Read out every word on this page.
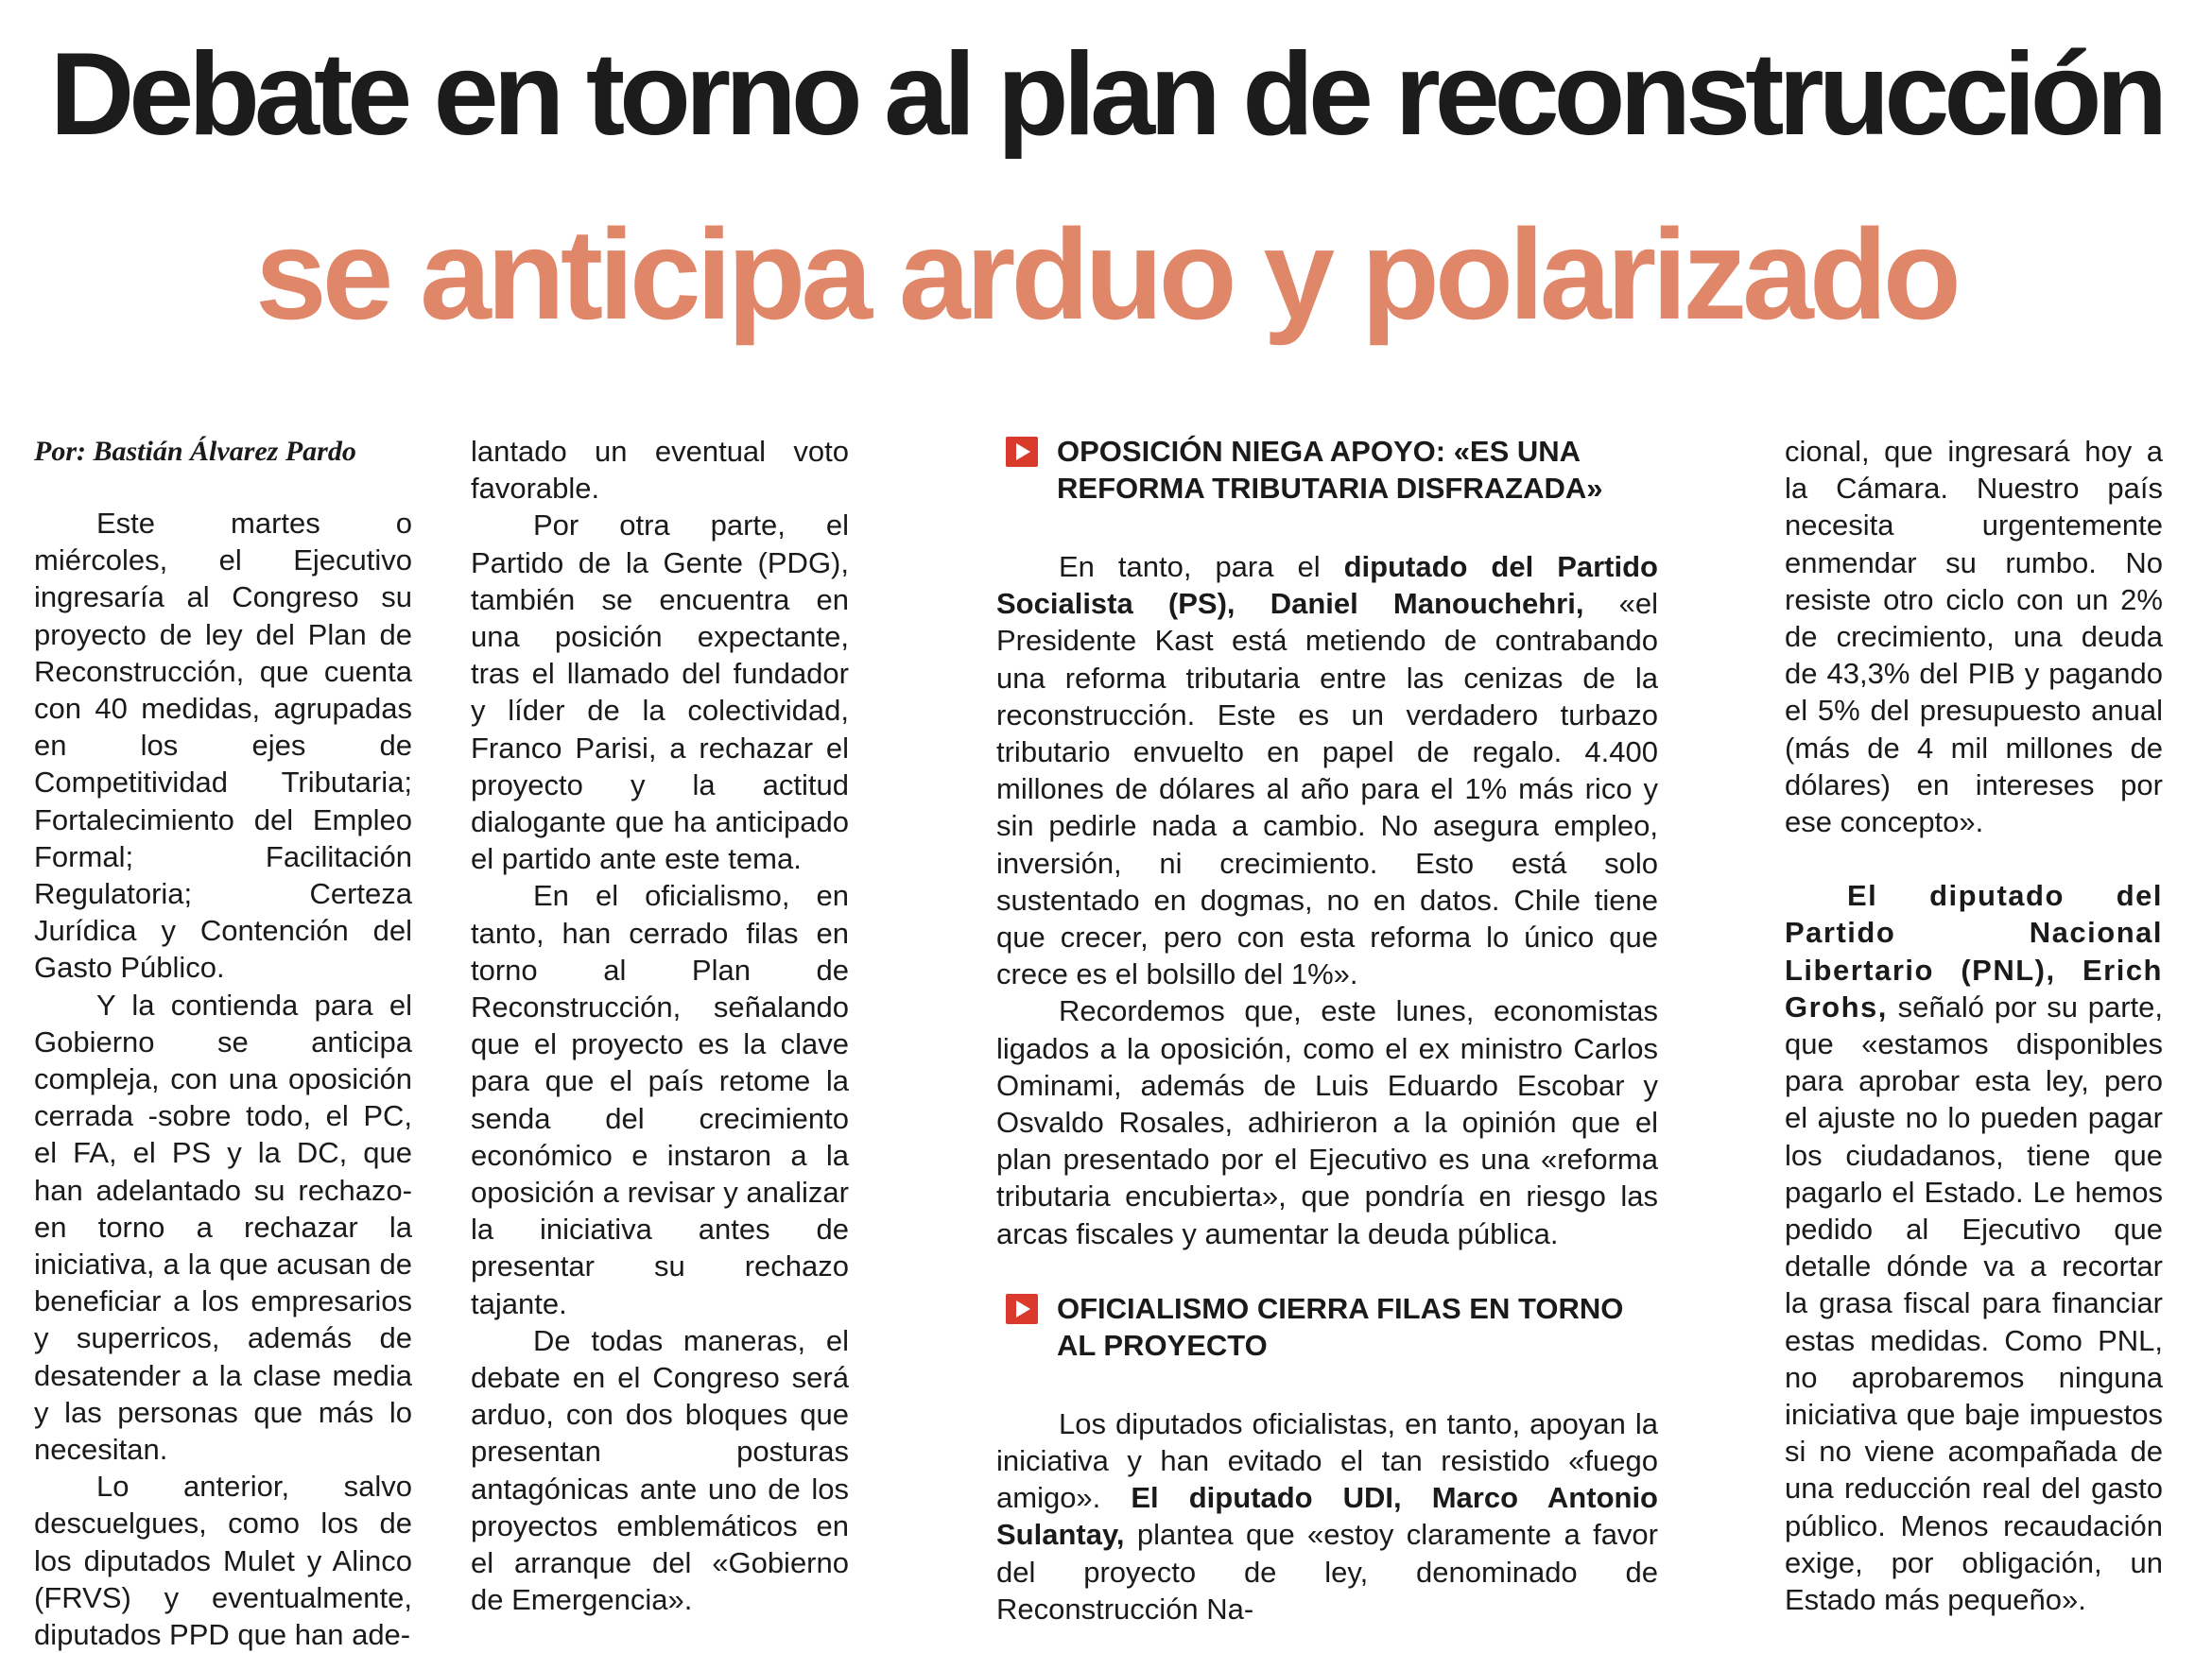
Debate en torno al plan de reconstrucción
se anticipa arduo y polarizado

Por: Bastián Álvarez Pardo

Este martes o miércoles, el Ejecutivo ingresaría al Congreso su proyecto de ley del Plan de Reconstrucción, que cuenta con 40 medidas, agrupadas en los ejes de Competitividad Tributaria; Fortalecimiento del Empleo Formal; Facilitación Regulatoria; Certeza Jurídica y Contención del Gasto Público.

Y la contienda para el Gobierno se anticipa compleja, con una oposición cerrada -sobre todo, el PC, el FA, el PS y la DC, que han adelantado su rechazo- en torno a rechazar la iniciativa, a la que acusan de beneficiar a los empresarios y superricos, además de desatender a la clase media y las personas que más lo necesitan.

Lo anterior, salvo descuelgues, como los de los diputados Mulet y Alinco (FRVS) y eventualmente, diputados PPD que han ade-

lantado un eventual voto favorable.

Por otra parte, el Partido de la Gente (PDG), también se encuentra en una posición expectante, tras el llamado del fundador y líder de la colectividad, Franco Parisi, a rechazar el proyecto y la actitud dialogante que ha anticipado el partido ante este tema.

En el oficialismo, en tanto, han cerrado filas en torno al Plan de Reconstrucción, señalando que el proyecto es la clave para que el país retome la senda del crecimiento económico e instaron a la oposición a revisar y analizar la iniciativa antes de presentar su rechazo tajante.

De todas maneras, el debate en el Congreso será arduo, con dos bloques que presentan posturas antagónicas ante uno de los proyectos emblemáticos en el arranque del «Gobierno de Emergencia».

OPOSICIÓN NIEGA APOYO: «ES UNA REFORMA TRIBUTARIA DISFRAZADA»

En tanto, para el diputado del Partido Socialista (PS), Daniel Manouchehri, «el Presidente Kast está metiendo de contrabando una reforma tributaria entre las cenizas de la reconstrucción. Este es un verdadero turbazo tributario envuelto en papel de regalo. 4.400 millones de dólares al año para el 1% más rico y sin pedirle nada a cambio. No asegura empleo, inversión, ni crecimiento. Esto está solo sustentado en dogmas, no en datos. Chile tiene que crecer, pero con esta reforma lo único que crece es el bolsillo del 1%».

Recordemos que, este lunes, economistas ligados a la oposición, como el ex ministro Carlos Ominami, además de Luis Eduardo Escobar y Osvaldo Rosales, adhirieron a la opinión que el plan presentado por el Ejecutivo es una «reforma tributaria encubierta», que pondría en riesgo las arcas fiscales y aumentar la deuda pública.

OFICIALISMO CIERRA FILAS EN TORNO AL PROYECTO

Los diputados oficialistas, en tanto, apoyan la iniciativa y han evitado el tan resistido «fuego amigo». El diputado UDI, Marco Antonio Sulantay, plantea que «estoy claramente a favor del proyecto de ley, denominado de Reconstrucción Na-

cional, que ingresará hoy a la Cámara. Nuestro país necesita urgentemente enmendar su rumbo. No resiste otro ciclo con un 2% de crecimiento, una deuda de 43,3% del PIB y pagando el 5% del presupuesto anual (más de 4 mil millones de dólares) en intereses por ese concepto».

El diputado del Partido Nacional Libertario (PNL), Erich Grohs, señaló por su parte, que «estamos disponibles para aprobar esta ley, pero el ajuste no lo pueden pagar los ciudadanos, tiene que pagarlo el Estado. Le hemos pedido al Ejecutivo que detalle dónde va a recortar la grasa fiscal para financiar estas medidas. Como PNL, no aprobaremos ninguna iniciativa que baje impuestos si no viene acompañada de una reducción real del gasto público. Menos recaudación exige, por obligación, un Estado más pequeño».
